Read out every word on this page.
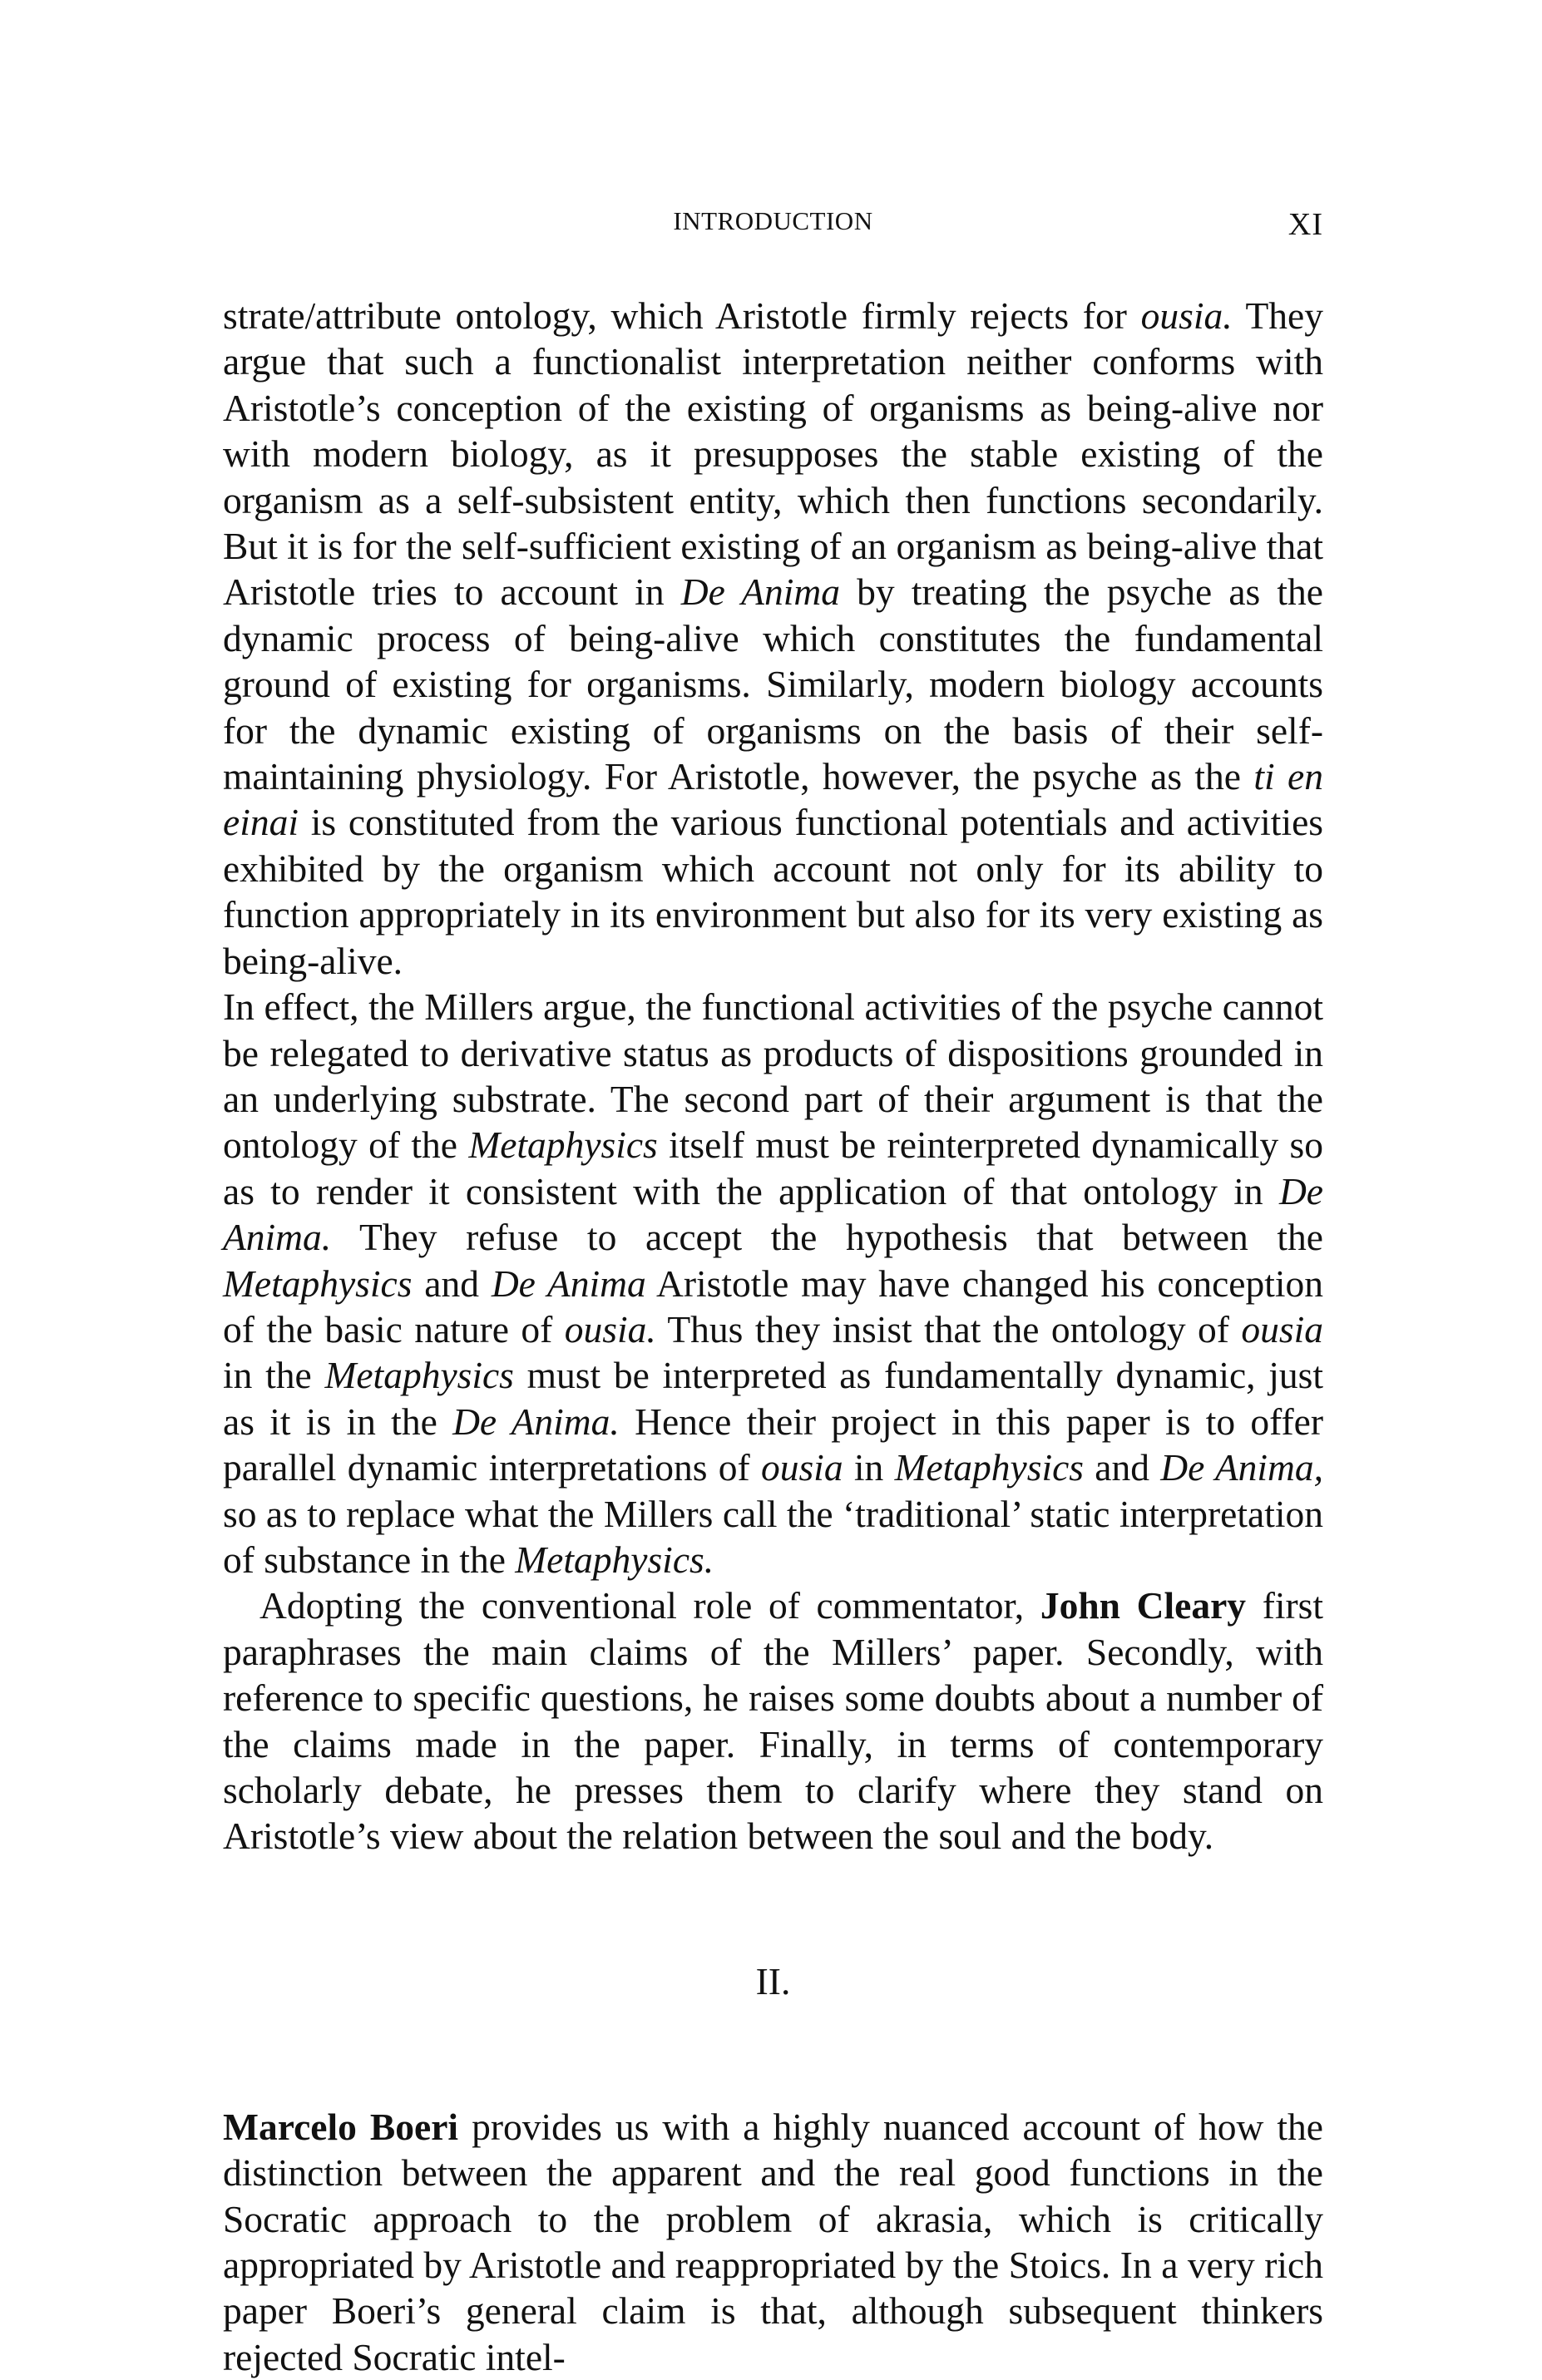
INTRODUCTION	XI

strate/attribute ontology, which Aristotle firmly rejects for ousia. They argue that such a functionalist interpretation neither conforms with Aristotle’s conception of the existing of organisms as being-alive nor with modern biology, as it presupposes the stable existing of the organism as a self-subsistent entity, which then functions secondarily. But it is for the self-sufficient existing of an organism as being-alive that Aristotle tries to account in De Anima by treating the psyche as the dynamic process of being-alive which constitutes the fundamental ground of existing for organisms. Similarly, modern biology accounts for the dynamic existing of organisms on the basis of their self-maintaining physiology. For Aristotle, however, the psyche as the ti en einai is constituted from the various functional potentials and activities exhibited by the organism which account not only for its ability to function appropriately in its environment but also for its very existing as being-alive.

In effect, the Millers argue, the functional activities of the psyche cannot be relegated to derivative status as products of dispositions grounded in an underlying substrate. The second part of their argument is that the ontology of the Metaphysics itself must be reinterpreted dynamically so as to render it consistent with the application of that ontology in De Anima. They refuse to accept the hypothesis that between the Metaphysics and De Anima Aristotle may have changed his conception of the basic nature of ousia. Thus they insist that the ontology of ousia in the Metaphysics must be interpreted as fundamentally dynamic, just as it is in the De Anima. Hence their project in this paper is to offer parallel dynamic interpretations of ousia in Metaphysics and De Anima, so as to replace what the Millers call the ‘traditional’ static interpretation of substance in the Metaphysics.

Adopting the conventional role of commentator, John Cleary first paraphrases the main claims of the Millers’ paper. Secondly, with reference to specific questions, he raises some doubts about a number of the claims made in the paper. Finally, in terms of contemporary scholarly debate, he presses them to clarify where they stand on Aristotle’s view about the relation between the soul and the body.

II.

Marcelo Boeri provides us with a highly nuanced account of how the distinction between the apparent and the real good functions in the Socratic approach to the problem of akrasia, which is critically appropriated by Aristotle and reappropriated by the Stoics. In a very rich paper Boeri’s general claim is that, although subsequent thinkers rejected Socratic intel-
